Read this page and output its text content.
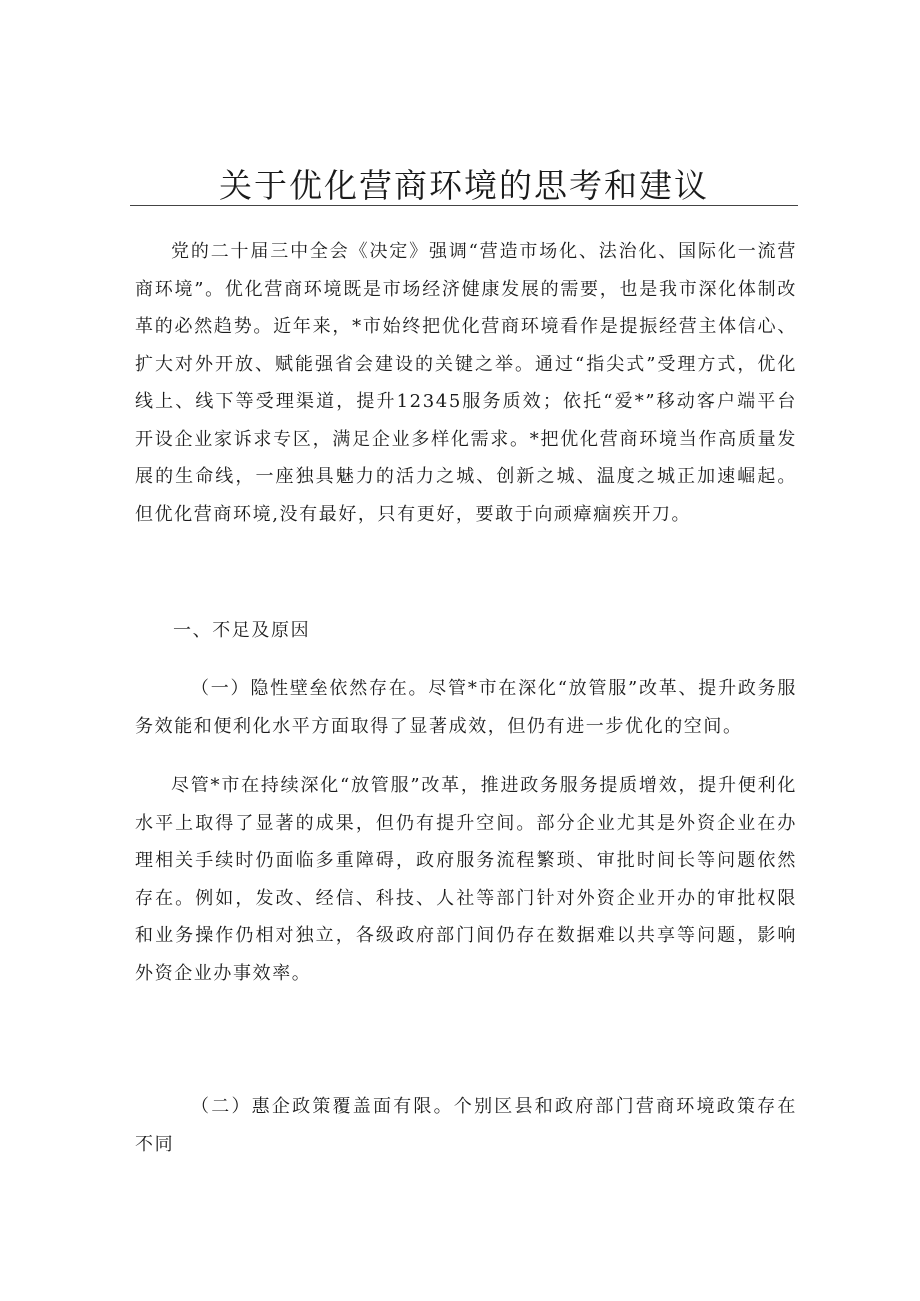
关于优化营商环境的思考和建议

党的二十届三中全会《决定》强调“营造市场化、法治化、国际化一流营商环境”。优化营商环境既是市场经济健康发展的需要，也是我市深化体制改革的必然趋势。近年来，*市始终把优化营商环境看作是提振经营主体信心、扩大对外开放、赋能强省会建设的关键之举。通过“指尖式”受理方式，优化线上、线下等受理渠道，提升12345服务质效；依托“爱*”移动客户端平台开设企业家诉求专区，满足企业多样化需求。*把优化营商环境当作高质量发展的生命线，一座独具魅力的活力之城、创新之城、温度之城正加速崛起。但优化营商环境,没有最好，只有更好，要敢于向顽瘴痼疾开刀。

一、不足及原因

（一）隐性壁垒依然存在。尽管*市在深化“放管服”改革、提升政务服务效能和便利化水平方面取得了显著成效，但仍有进一步优化的空间。

尽管*市在持续深化“放管服”改革，推进政务服务提质增效，提升便利化水平上取得了显著的成果，但仍有提升空间。部分企业尤其是外资企业在办理相关手续时仍面临多重障碍，政府服务流程繁琐、审批时间长等问题依然存在。例如，发改、经信、科技、人社等部门针对外资企业开办的审批权限和业务操作仍相对独立，各级政府部门间仍存在数据难以共享等问题，影响外资企业办事效率。

（二）惠企政策覆盖面有限。个别区县和政府部门营商环境政策存在不同
